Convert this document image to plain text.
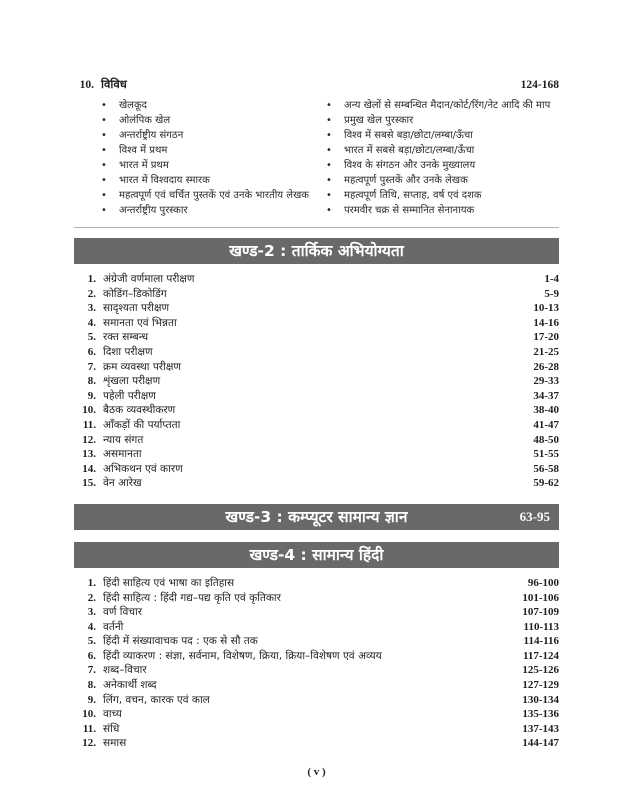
10. विविध	124-168
•	खेलकूद
•	ओलंपिक खेल
•	अन्तर्राष्ट्रीय संगठन
•	विश्व में प्रथम
•	भारत में प्रथम
•	भारत में विश्वदाय स्मारक
•	महत्वपूर्ण एवं चर्चित पुस्तकें एवं उनके भारतीय लेखक
•	अन्तर्राष्ट्रीय पुरस्कार
•	अन्य खेलों से सम्बन्धित मैदान/कोर्ट/रिंग/नेट आदि की माप
•	प्रमुख खेल पुरस्कार
•	विश्व में सबसे बड़ा/छोटा/लम्बा/ऊँचा
•	भारत में सबसे बड़ा/छोटा/लम्बा/ऊँचा
•	विश्व के संगठन और उनके मुख्यालय
•	महत्वपूर्ण पुस्तकें और उनके लेखक
•	महत्वपूर्ण तिथि, सप्ताह, वर्ष एवं दशक
•	परमवीर चक्र से सम्मानित सेनानायक
खण्ड-2 : तार्किक अभियोग्यता
1. अंग्रेजी वर्णमाला परीक्षण	1-4
2. कोडिंग–डिकोडिंग	5-9
3. सादृश्यता परीक्षण	10-13
4. समानता एवं भिन्नता	14-16
5. रक्त सम्बन्ध	17-20
6. दिशा परीक्षण	21-25
7. क्रम व्यवस्था परीक्षण	26-28
8. शृंखला परीक्षण	29-33
9. पहेली परीक्षण	34-37
10. बैठक व्यवस्थीकरण	38-40
11. आँकड़ों की पर्याप्तता	41-47
12. न्याय संगत	48-50
13. असमानता	51-55
14. अभिकथन एवं कारण	56-58
15. वेन आरेख	59-62
खण्ड-3 : कम्प्यूटर सामान्य ज्ञान	63-95
खण्ड-4 : सामान्य हिंदी
1. हिंदी साहित्य एवं भाषा का इतिहास	96-100
2. हिंदी साहित्य : हिंदी गद्य–पद्य कृति एवं कृतिकार	101-106
3. वर्ण विचार	107-109
4. वर्तनी	110-113
5. हिंदी में संख्यावाचक पद : एक से सौ तक	114-116
6. हिंदी व्याकरण : संज्ञा, सर्वनाम, विशेषण, क्रिया, क्रिया–विशेषण एवं अव्यय	117-124
7. शब्द–विचार	125-126
8. अनेकार्थी शब्द	127-129
9. लिंग, वचन, कारक एवं काल	130-134
10. वाच्य	135-136
11. संधि	137-143
12. समास	144-147
( v )
